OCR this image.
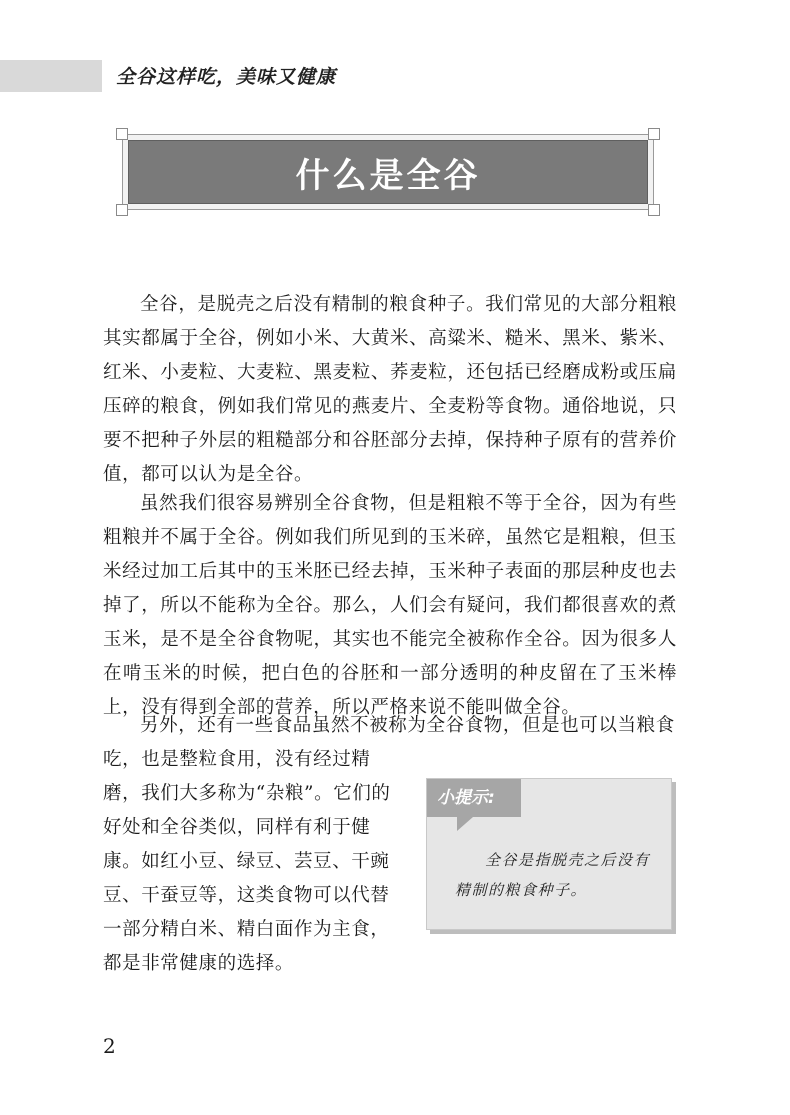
全谷这样吃，美味又健康
什么是全谷

全谷，是脱壳之后没有精制的粮食种子。我们常见的大部分粗粮其实都属于全谷，例如小米、大黄米、高粱米、糙米、黑米、紫米、红米、小麦粒、大麦粒、黑麦粒、荞麦粒，还包括已经磨成粉或压扁压碎的粮食，例如我们常见的燕麦片、全麦粉等食物。通俗地说，只要不把种子外层的粗糙部分和谷胚部分去掉，保持种子原有的营养价值，都可以认为是全谷。

虽然我们很容易辨别全谷食物，但是粗粮不等于全谷，因为有些粗粮并不属于全谷。例如我们所见到的玉米碎，虽然它是粗粮，但玉米经过加工后其中的玉米胚已经去掉，玉米种子表面的那层种皮也去掉了，所以不能称为全谷。那么，人们会有疑问，我们都很喜欢的煮玉米，是不是全谷食物呢，其实也不能完全被称作全谷。因为很多人在啃玉米的时候，把白色的谷胚和一部分透明的种皮留在了玉米棒上，没有得到全部的营养，所以严格来说不能叫做全谷。

另外，还有一些食品虽然不被称为全谷食物，但是也可以当粮食

吃，也是整粒食用，没有经过精磨，我们大多称为“杂粮”。它们的好处和全谷类似，同样有利于健康。如红小豆、绿豆、芸豆、干豌豆、干蚕豆等，这类食物可以代替一部分精白米、精白面作为主食，都是非常健康的选择。

小提示:

全谷是指脱壳之后没有精制的粮食种子。

2
